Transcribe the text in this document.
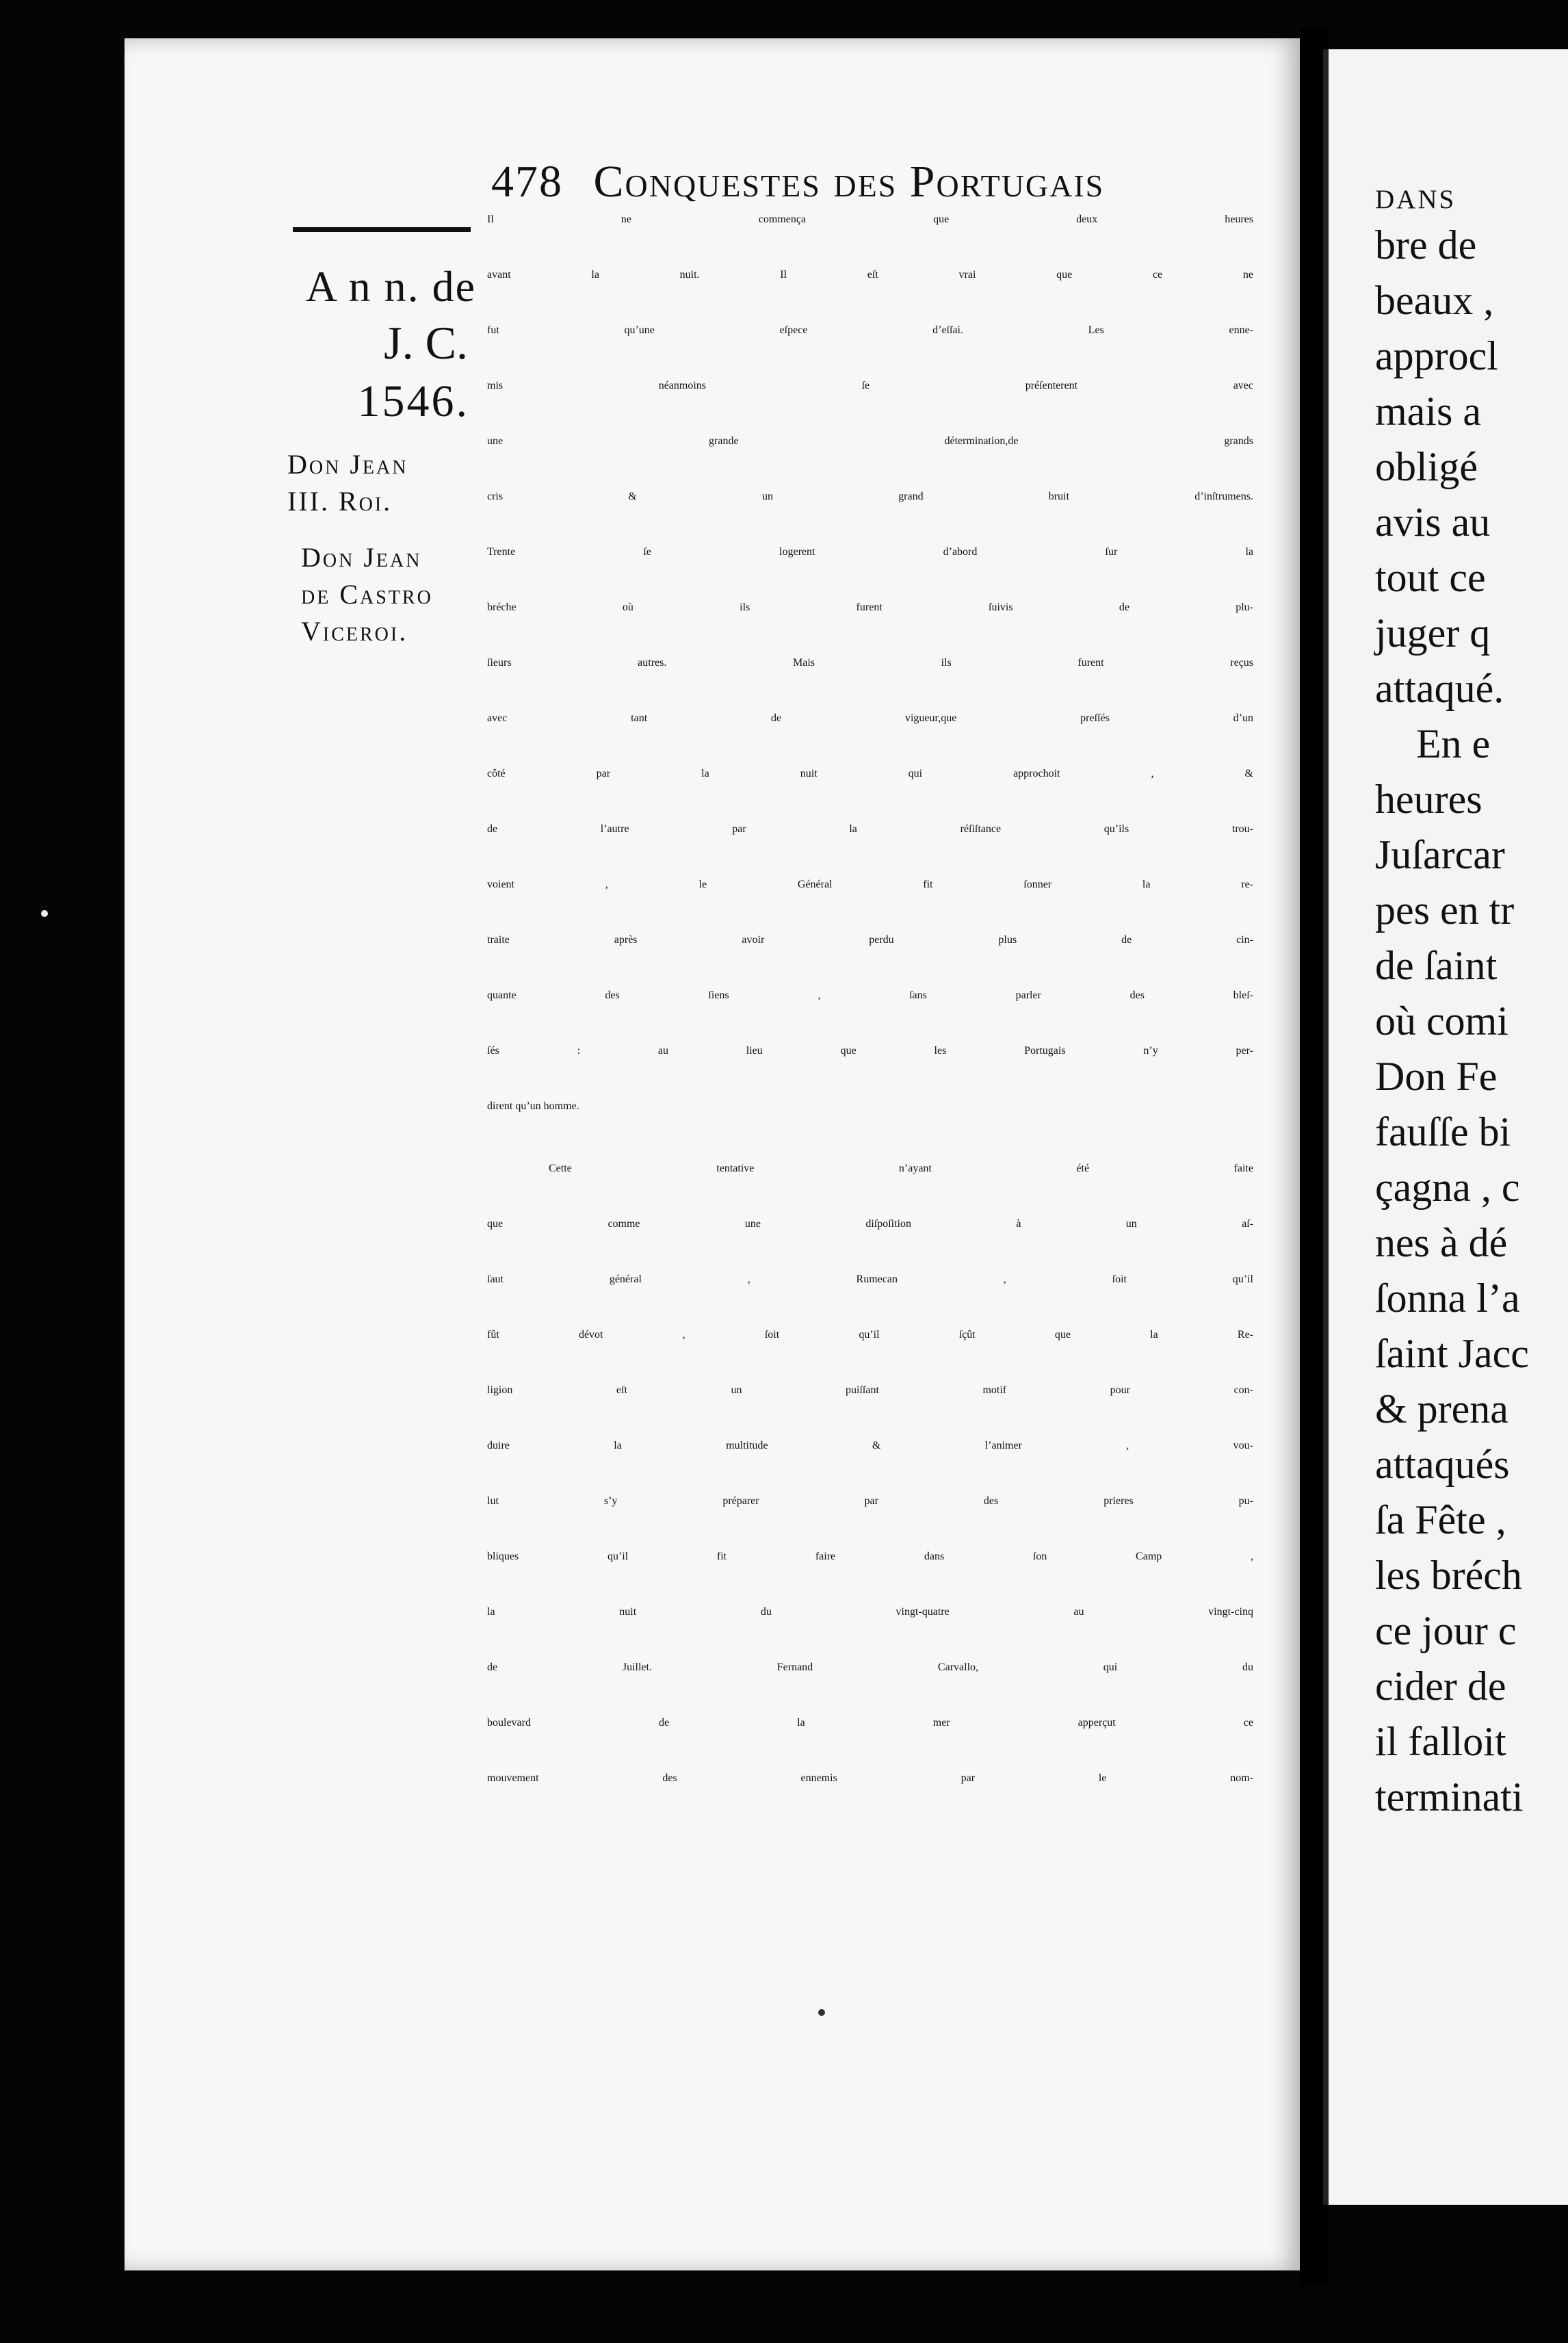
478 Conquestes des Portugais
A n n. de
J. C.
1546.
Don Jean
III. Roi.
Don Jean
de Castro
Viceroi.
Il ne commença que deux heures
avant la nuit. Il eſt vrai que ce ne
fut qu’une eſpece d’eſſai. Les enne-
mis néanmoins ſe préſenterent avec
une grande détermination,de grands
cris & un grand bruit d’inſtrumens.
Trente ſe logerent d’abord ſur la
bréche où ils furent ſuivis de plu-
ſieurs autres. Mais ils furent reçus
avec tant de vigueur,que preſſés d’un
côté par la nuit qui approchoit , &
de l’autre par la réſiſtance qu’ils trou-
voient , le Général fit ſonner la re-
traite après avoir perdu plus de cin-
quante des ſiens , ſans parler des bleſ-
ſés : au lieu que les Portugais n’y per-
dirent qu’un homme.
Cette tentative n’ayant été faite
que comme une diſpoſition à un aſ-
ſaut général , Rumecan , ſoit qu’il
fût dévot , ſoit qu’il ſçût que la Re-
ligion eſt un puiſſant motif pour con-
duire la multitude & l’animer , vou-
lut s’y préparer par des prieres pu-
bliques qu’il fit faire dans ſon Camp ,
la nuit du vingt-quatre au vingt-cinq
de Juillet. Fernand Carvallo, qui du
boulevard de la mer apperçut ce
mouvement des ennemis par le nom-
dans
bre de
beaux ,
approcl
mais a
obligé
avis au
tout ce
juger q
attaqué.
En e
heures
Juſarcar
pes en tr
de ſaint
où comi
Don Fe
fauſſe bi
çagna , c
nes à dé
ſonna l’a
ſaint Jacc
& prena
attaqués
ſa Fête ,
les bréch
ce jour c
cider de
il falloit
terminati
